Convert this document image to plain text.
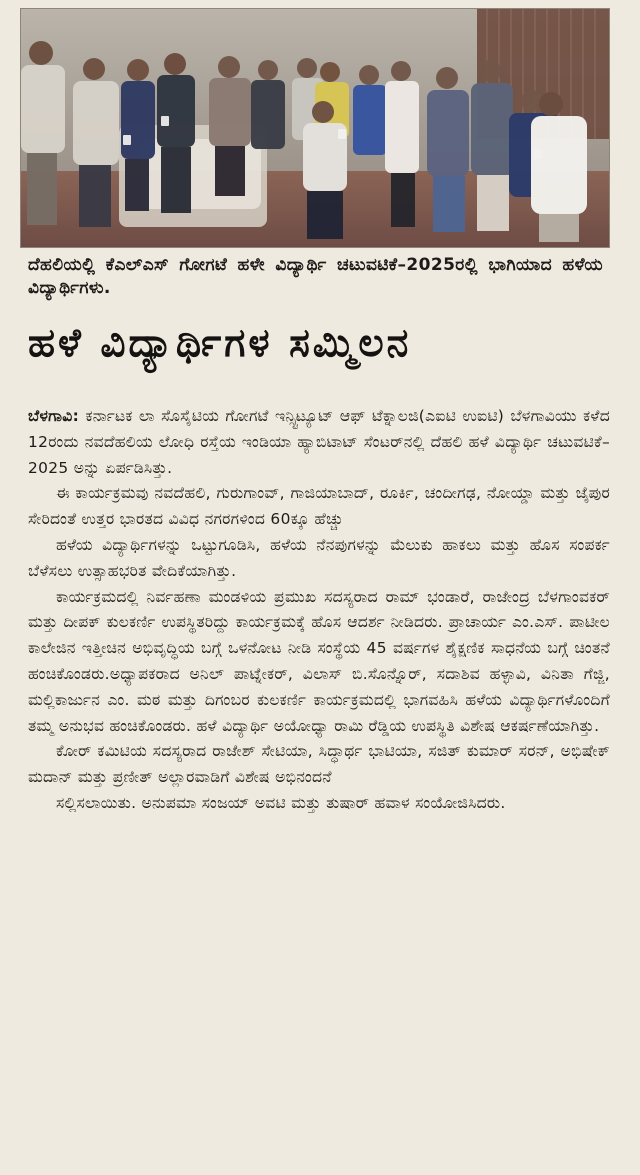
ದೆಹಲಿಯಲ್ಲಿ ಕೆಎಲ್‌ಎಸ್ ಗೋಗಟೆ ಹಳೇ ವಿದ್ಯಾರ್ಥಿ ಚಟುವಟಿಕೆ–2025ರಲ್ಲಿ ಭಾಗಿಯಾದ ಹಳೆಯ ವಿದ್ಯಾರ್ಥಿಗಳು.
ಹಳೆ ವಿದ್ಯಾರ್ಥಿಗಳ ಸಮ್ಮಿಲನ

ಬೆಳಗಾವಿ: ಕರ್ನಾಟಕ ಲಾ ಸೊಸೈಟಿಯ ಗೋಗಟೆ ಇನ್ಸ್ಟಿಟ್ಯೂಟ್ ಆಫ್ ಟೆಕ್ನಾಲಜಿ(ಎಐಟಿ ಉಐಟಿ) ಬೆಳಗಾವಿಯು ಕಳೆದ 12ರಂದು ನವದೆಹಲಿಯ ಲೋಧಿ ರಸ್ತೆಯ ಇಂಡಿಯಾ ಹ್ಯಾಬಿಟಾಟ್ ಸೆಂಟರ್‌ನಲ್ಲಿ ದೆಹಲಿ ಹಳೆ ವಿದ್ಯಾರ್ಥಿ ಚಟುವಟಿಕೆ–2025 ಅನ್ನು ಏರ್ಪಡಿಸಿತ್ತು.

ಈ ಕಾರ್ಯಕ್ರಮವು ನವದೆಹಲಿ, ಗುರುಗಾಂವ್, ಗಾಜಿಯಾಬಾದ್, ರೂರ್ಕಿ, ಚಂದೀಗಢ, ನೋಯ್ಡಾ ಮತ್ತು ಜೈಪುರ ಸೇರಿದಂತೆ ಉತ್ತರ ಭಾರತದ ವಿವಿಧ ನಗರಗಳಿಂದ 60ಕ್ಕೂ ಹೆಚ್ಚು

ಹಳೆಯ ವಿದ್ಯಾರ್ಥಿಗಳನ್ನು ಒಟ್ಟುಗೂಡಿಸಿ, ಹಳೆಯ ನೆನಪುಗಳನ್ನು ಮೆಲುಕು ಹಾಕಲು ಮತ್ತು ಹೊಸ ಸಂಪರ್ಕ ಬೆಳೆಸಲು ಉತ್ಸಾಹಭರಿತ ವೇದಿಕೆಯಾಗಿತ್ತು.

ಕಾರ್ಯಕ್ರಮದಲ್ಲಿ ನಿರ್ವಹಣಾ ಮಂಡಳಿಯ ಪ್ರಮುಖ ಸದಸ್ಯರಾದ ರಾಮ್ ಭಂಡಾರೆ, ರಾಜೇಂದ್ರ ಬೆಳಗಾಂವಕರ್ ಮತ್ತು ದೀಪಕ್ ಕುಲಕರ್ಣಿ ಉಪಸ್ಥಿತರಿದ್ದು ಕಾರ್ಯಕ್ರಮಕ್ಕೆ ಹೊಸ ಆದರ್ಶ ನೀಡಿದರು. ಪ್ರಾಚಾರ್ಯ ಎಂ.ಎಸ್. ಪಾಟೀಲ ಕಾಲೇಜಿನ ಇತ್ತೀಚಿನ ಅಭಿವೃದ್ಧಿಯ ಬಗ್ಗೆ ಒಳನೋಟ ನೀಡಿ ಸಂಸ್ಥೆಯ 45 ವರ್ಷಗಳ ಶೈಕ್ಷಣಿಕ ಸಾಧನೆಯ ಬಗ್ಗೆ ಚಿಂತನೆ ಹಂಚಿಕೊಂಡರು.ಅಧ್ಯಾಪಕರಾದ ಅನಿಲ್ ಪಾಟ್ನೇಕರ್, ವಿಲಾಸ್ ಬಿ.ಸೊನ್ನೊರ್, ಸದಾಶಿವ ಹಳ್ಳಾವಿ, ವಿನಿತಾ ಗೆಜ್ಜಿ, ಮಲ್ಲಿಕಾರ್ಜುನ ಎಂ. ಮಠ ಮತ್ತು ದಿಗಂಬರ ಕುಲಕರ್ಣಿ ಕಾರ್ಯಕ್ರಮದಲ್ಲಿ ಭಾಗವಹಿಸಿ ಹಳೆಯ ವಿದ್ಯಾರ್ಥಿಗಳೊಂದಿಗೆ ತಮ್ಮ ಅನುಭವ ಹಂಚಿಕೊಂಡರು. ಹಳೆ ವಿದ್ಯಾರ್ಥಿ ಅಯೋಧ್ಯಾ ರಾಮಿ ರೆಡ್ಡಿಯ ಉಪಸ್ಥಿತಿ ವಿಶೇಷ ಆಕರ್ಷಣೆಯಾಗಿತ್ತು.

ಕೋರ್ ಕಮಿಟಿಯ ಸದಸ್ಯರಾದ ರಾಜೇಶ್ ಸೇಟಿಯಾ, ಸಿದ್ಧಾರ್ಥ ಭಾಟಿಯಾ, ಸಜಿತ್ ಕುಮಾರ್ ಸರನ್, ಅಭಿಷೇಕ್ ಮದಾನ್ ಮತ್ತು ಪ್ರಣೀತ್ ಅಲ್ಲಾರವಾಡಿಗೆ ವಿಶೇಷ ಅಭಿನಂದನೆ

ಸಲ್ಲಿಸಲಾಯಿತು. ಅನುಪಮಾ ಸಂಜಯ್ ಅವಟಿ ಮತ್ತು ತುಷಾರ್ ಹವಾಳ ಸಂಯೋಜಿಸಿದರು.
